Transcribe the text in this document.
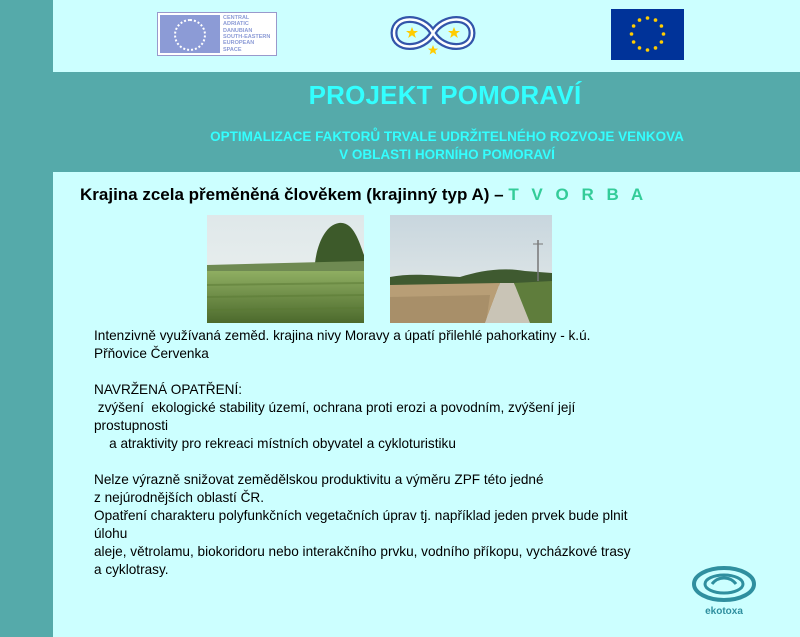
CENTRAL
ADRIATIC
DANUBIAN
SOUTH-EASTERN
EUROPEAN
SPACE
PROJEKT POMORAVÍ
OPTIMALIZACE FAKTORŮ TRVALE UDRŽITELNÉHO ROZVOJE VENKOVA
V OBLASTI HORNÍHO POMORAVÍ
Krajina zcela přeměněná člověkem (krajinný typ A) – T V O R B A

Intenzivně využívaná zeměd. krajina nivy Moravy a úpatí přilehlé pahorkatiny - k.ú.

Přňovice Červenka

NAVRŽENÁ OPATŘENÍ:

zvýšení  ekologické stability území, ochrana proti erozi a povodním, zvýšení její

prostupnosti

a atraktivity pro rekreaci místních obyvatel a cykloturistiku

Nelze výrazně snižovat zemědělskou produktivitu a výměru ZPF této jedné

z nejúrodnějších oblastí ČR.

Opatření charakteru polyfunkčních vegetačních úprav tj. například jeden prvek bude plnit

úlohu

aleje, větrolamu, biokoridoru nebo interakčního prvku, vodního příkopu, vycházkové trasy

a cyklotrasy.

ekotoxa
